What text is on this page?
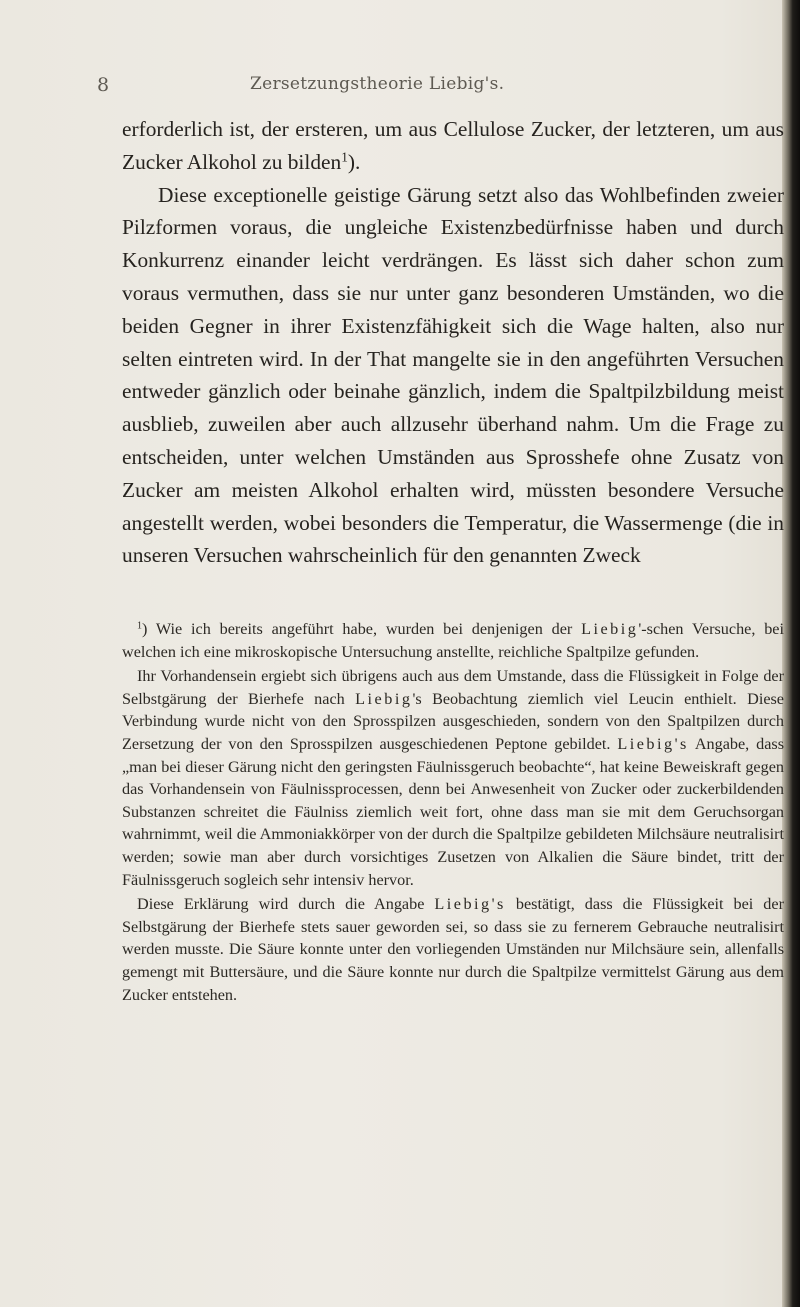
8	Zersetzungstheorie Liebig's.

erforderlich ist, der ersteren, um aus Cellulose Zucker, der letzteren, um aus Zucker Alkohol zu bilden$^1$).

Diese exceptionelle geistige Gärung setzt also das Wohlbefinden zweier Pilzformen voraus, die ungleiche Existenzbedürfnisse haben und durch Konkurrenz einander leicht verdrängen. Es lässt sich daher schon zum voraus vermuthen, dass sie nur unter ganz besonderen Umständen, wo die beiden Gegner in ihrer Existenzfähigkeit sich die Wage halten, also nur selten eintreten wird. In der That mangelte sie in den angeführten Versuchen entweder gänzlich oder beinahe gänzlich, indem die Spaltpilzbildung meist ausblieb, zuweilen aber auch allzusehr überhand nahm. Um die Frage zu entscheiden, unter welchen Umständen aus Sprosshefe ohne Zusatz von Zucker am meisten Alkohol erhalten wird, müssten besondere Versuche angestellt werden, wobei besonders die Temperatur, die Wassermenge (die in unseren Versuchen wahrscheinlich für den genannten Zweck

$^1$) Wie ich bereits angeführt habe, wurden bei denjenigen der Liebig'-schen Versuche, bei welchen ich eine mikroskopische Untersuchung anstellte, reichliche Spaltpilze gefunden.

Ihr Vorhandensein ergiebt sich übrigens auch aus dem Umstande, dass die Flüssigkeit in Folge der Selbstgärung der Bierhefe nach Liebig's Beobachtung ziemlich viel Leucin enthielt. Diese Verbindung wurde nicht von den Sprosspilzen ausgeschieden, sondern von den Spaltpilzen durch Zersetzung der von den Sprosspilzen ausgeschiedenen Peptone gebildet. Liebig's Angabe, dass „man bei dieser Gärung nicht den geringsten Fäulnissgeruch beobachte“, hat keine Beweiskraft gegen das Vorhandensein von Fäulnissprocessen, denn bei Anwesenheit von Zucker oder zuckerbildenden Substanzen schreitet die Fäulniss ziemlich weit fort, ohne dass man sie mit dem Geruchsorgan wahrnimmt, weil die Ammoniakkörper von der durch die Spaltpilze gebildeten Milchsäure neutralisirt werden; sowie man aber durch vorsichtiges Zusetzen von Alkalien die Säure bindet, tritt der Fäulnissgeruch sogleich sehr intensiv hervor.

Diese Erklärung wird durch die Angabe Liebig's bestätigt, dass die Flüssigkeit bei der Selbstgärung der Bierhefe stets sauer geworden sei, so dass sie zu fernerem Gebrauche neutralisirt werden musste. Die Säure konnte unter den vorliegenden Umständen nur Milchsäure sein, allenfalls gemengt mit Buttersäure, und die Säure konnte nur durch die Spaltpilze vermittelst Gärung aus dem Zucker entstehen.
